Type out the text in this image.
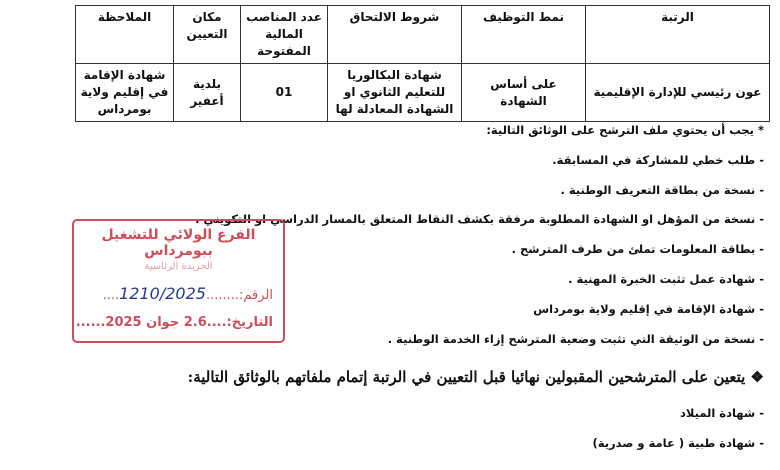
الرتبة	نمط التوظيف	شروط الالتحاق	عدد المناصب المالية المفتوحة	مكان التعيين	الملاحظة
عون رئيسي للإدارة الإقليمية	على أساس الشهادة	شهادة البكالوريا للتعليم الثانوي او الشهادة المعادلة لها	01	بلدية أعفير	شهادة الإقامة في إقليم ولاية بومرداس
* يجب أن يحتوي ملف الترشح على الوثائق التالية:
- طلب خطي للمشاركة في المسابقة.
- نسخة من بطاقة التعريف الوطنية .
- نسخة من المؤهل او الشهادة المطلوبة مرفقة بكشف النقاط المتعلق بالمسار الدراسي او التكويني .
- بطاقة المعلومات تملئ من طرف المترشح .
- شهادة عمل تثبت الخبرة المهنية .
- شهادة الإقامة في إقليم ولاية بومرداس
- نسخة من الوثيقة التي تثبت وضعية المترشح إزاء الخدمة الوطنية .
❖ يتعين على المترشحين المقبولين نهائيا قبل التعيين في الرتبة إتمام ملفاتهم بالوثائق التالية:
- شهادة الميلاد
- شهادة طبية ( عامة و صدرية)
الفرع الولائي للتشغيل ببومرداس
الجريدة الرئاسية
الرقم:........1210/2025....
التاريخ:....2.6 جوان 2025......
